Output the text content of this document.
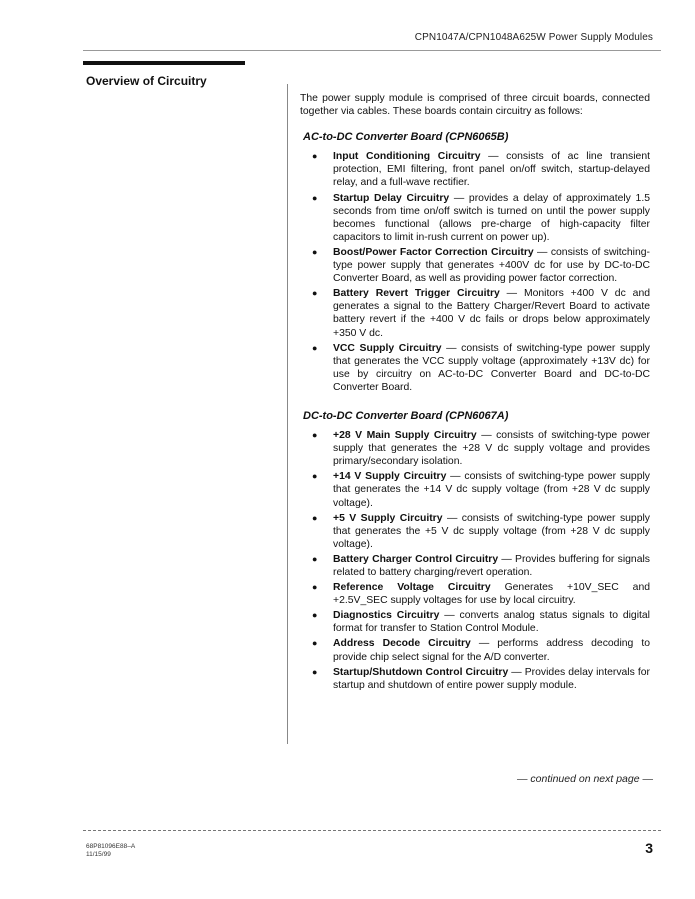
CPN1047A/CPN1048A625W Power Supply Modules
Overview of Circuitry

The power supply module is comprised of three circuit boards, connected together via cables. These boards contain circuitry as follows:

AC-to-DC Converter Board (CPN6065B)
● Input Conditioning Circuitry — consists of ac line transient protection, EMI filtering, front panel on/off switch, startup-delayed relay, and a full-wave rectifier.
● Startup Delay Circuitry — provides a delay of approximately 1.5 seconds from time on/off switch is turned on until the power supply becomes functional (allows pre-charge of high-capacity filter capacitors to limit in-rush current on power up).
● Boost/Power Factor Correction Circuitry — consists of switching-type power supply that generates +400V dc for use by DC-to-DC Converter Board, as well as providing power factor correction.
● Battery Revert Trigger Circuitry — Monitors +400 V dc and generates a signal to the Battery Charger/Revert Board to activate battery revert if the +400 V dc fails or drops below approximately +350 V dc.
● VCC Supply Circuitry — consists of switching-type power supply that generates the VCC supply voltage (approximately +13V dc) for use by circuitry on AC-to-DC Converter Board and DC-to-DC Converter Board.
DC-to-DC Converter Board (CPN6067A)
● +28 V Main Supply Circuitry — consists of switching-type power supply that generates the +28 V dc supply voltage and provides primary/secondary isolation.
● +14 V Supply Circuitry — consists of switching-type power supply that generates the +14 V dc supply voltage (from +28 V dc supply voltage).
● +5 V Supply Circuitry — consists of switching-type power supply that generates the +5 V dc supply voltage (from +28 V dc supply voltage).
● Battery Charger Control Circuitry — Provides buffering for signals related to battery charging/revert operation.
● Reference Voltage Circuitry Generates +10V_SEC and +2.5V_SEC supply voltages for use by local circuitry.
● Diagnostics Circuitry — converts analog status signals to digital format for transfer to Station Control Module.
● Address Decode Circuitry — performs address decoding to provide chip select signal for the A/D converter.
● Startup/Shutdown Control Circuitry — Provides delay intervals for startup and shutdown of entire power supply module.
— continued on next page —
68P81096E88–A
11/15/99	3
